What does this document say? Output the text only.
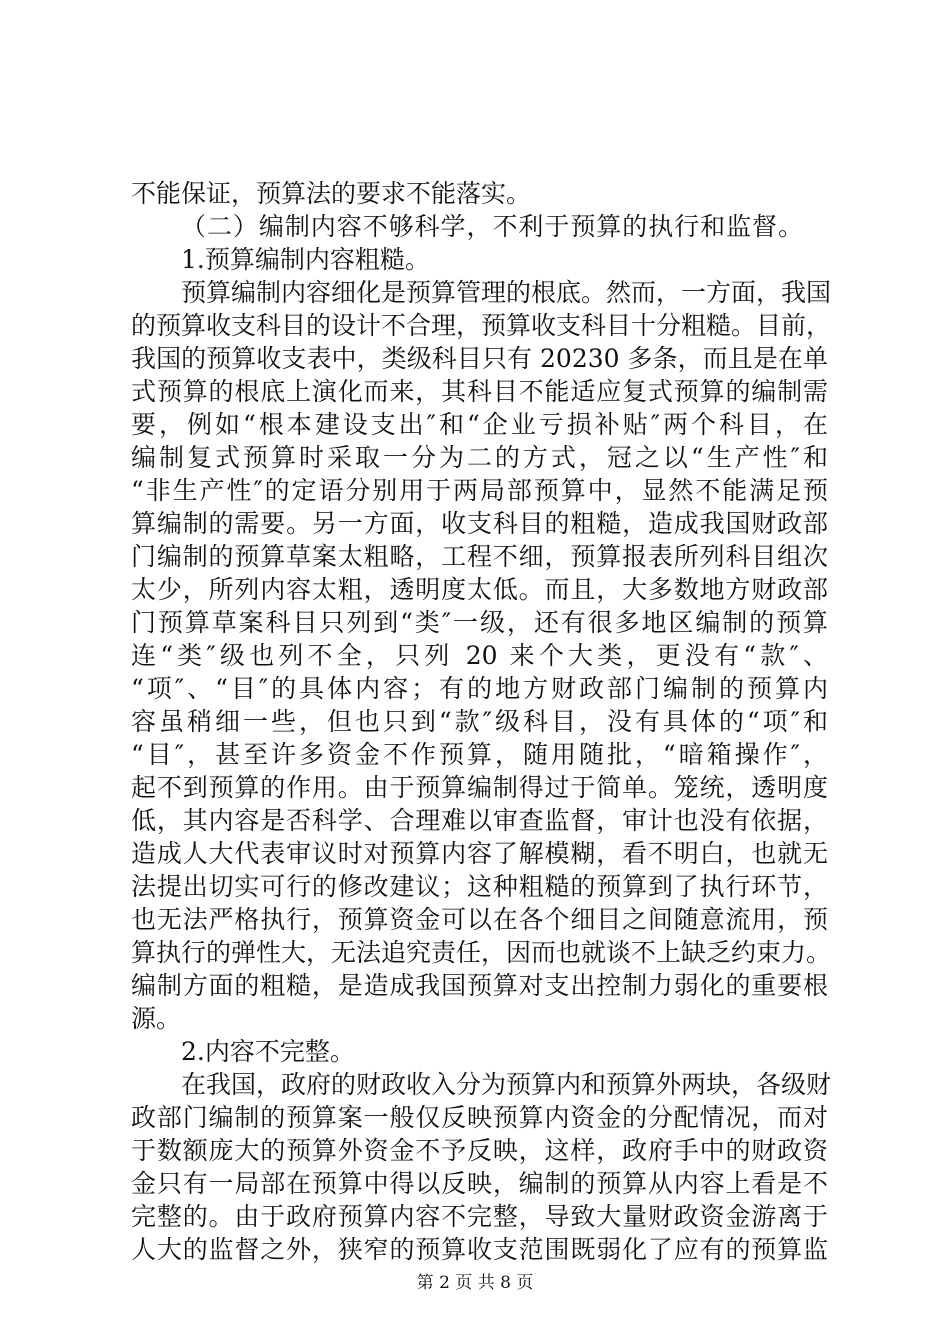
不能保证，预算法的要求不能落实。
（二）编制内容不够科学，不利于预算的执行和监督。
1.预算编制内容粗糙。
预算编制内容细化是预算管理的根底。然而，一方面，我国
的预算收支科目的设计不合理，预算收支科目十分粗糙。目前，
我国的预算收支表中，类级科目只有 20230 多条，而且是在单
式预算的根底上演化而来，其科目不能适应复式预算的编制需
要，例如“根本建设支出″和“企业亏损补贴″两个科目，在
编制复式预算时采取一分为二的方式，冠之以“生产性″和
“非生产性″的定语分别用于两局部预算中，显然不能满足预
算编制的需要。另一方面，收支科目的粗糙，造成我国财政部
门编制的预算草案太粗略，工程不细，预算报表所列科目组次
太少，所列内容太粗，透明度太低。而且，大多数地方财政部
门预算草案科目只列到“类″一级，还有很多地区编制的预算
连“类″级也列不全，只列 20 来个大类，更没有“款″、
“项″、“目″的具体内容；有的地方财政部门编制的预算内
容虽稍细一些，但也只到“款″级科目，没有具体的“项″和
“目″，甚至许多资金不作预算，随用随批，“暗箱操作″，
起不到预算的作用。由于预算编制得过于简单。笼统，透明度
低，其内容是否科学、合理难以审查监督，审计也没有依据，
造成人大代表审议时对预算内容了解模糊，看不明白，也就无
法提出切实可行的修改建议；这种粗糙的预算到了执行环节，
也无法严格执行，预算资金可以在各个细目之间随意流用，预
算执行的弹性大，无法追究责任，因而也就谈不上缺乏约束力。
编制方面的粗糙，是造成我国预算对支出控制力弱化的重要根
源。
2.内容不完整。
在我国，政府的财政收入分为预算内和预算外两块，各级财
政部门编制的预算案一般仅反映预算内资金的分配情况，而对
于数额庞大的预算外资金不予反映，这样，政府手中的财政资
金只有一局部在预算中得以反映，编制的预算从内容上看是不
完整的。由于政府预算内容不完整，导致大量财政资金游离于
人大的监督之外，狭窄的预算收支范围既弱化了应有的预算监
第 2 页 共 8 页
